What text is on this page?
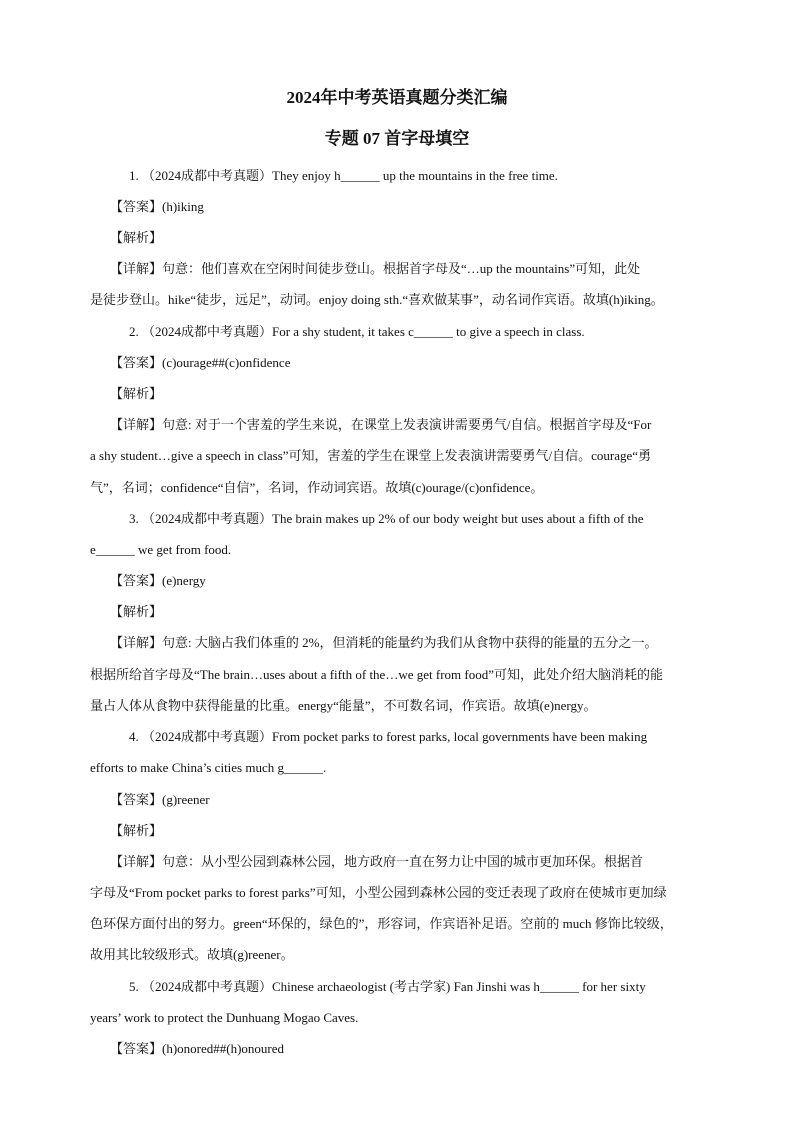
2024年中考英语真题分类汇编
专题 07 首字母填空
1. （2024成都中考真题）They enjoy h______ up the mountains in the free time.
【答案】(h)iking
【解析】
【详解】句意：他们喜欢在空闲时间徒步登山。根据首字母及“…up the mountains”可知，此处
是徒步登山。hike“徒步，远足”，动词。enjoy doing sth.“喜欢做某事”，动名词作宾语。故填(h)iking。
2. （2024成都中考真题）For a shy student, it takes c______ to give a speech in class.
【答案】(c)ourage##(c)onfidence
【解析】
【详解】句意: 对于一个害羞的学生来说，在课堂上发表演讲需要勇气/自信。根据首字母及“For
a shy student…give a speech in class”可知，害羞的学生在课堂上发表演讲需要勇气/自信。courage“勇
气”，名词；confidence“自信”，名词，作动词宾语。故填(c)ourage/(c)onfidence。
3. （2024成都中考真题）The brain makes up 2% of our body weight but uses about a fifth of the
e______ we get from food.
【答案】(e)nergy
【解析】
【详解】句意: 大脑占我们体重的 2%，但消耗的能量约为我们从食物中获得的能量的五分之一。
根据所给首字母及“The brain…uses about a fifth of the…we get from food”可知，此处介绍大脑消耗的能
量占人体从食物中获得能量的比重。energy“能量”，不可数名词，作宾语。故填(e)nergy。
4. （2024成都中考真题）From pocket parks to forest parks, local governments have been making
efforts to make China’s cities much g______.
【答案】(g)reener
【解析】
【详解】句意：从小型公园到森林公园，地方政府一直在努力让中国的城市更加环保。根据首
字母及“From pocket parks to forest parks”可知，小型公园到森林公园的变迁表现了政府在使城市更加绿
色环保方面付出的努力。green“环保的，绿色的”，形容词，作宾语补足语。空前的 much 修饰比较级，
故用其比较级形式。故填(g)reener。
5. （2024成都中考真题）Chinese archaeologist (考古学家) Fan Jinshi was h______ for her sixty
years’ work to protect the Dunhuang Mogao Caves.
【答案】(h)onored##(h)onoured
